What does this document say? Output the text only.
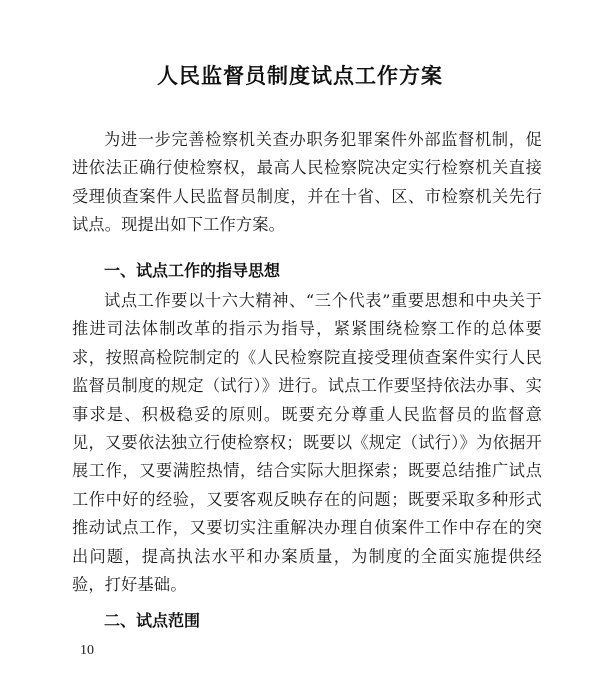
人民监督员制度试点工作方案

为进一步完善检察机关查办职务犯罪案件外部监督机制，促进依法正确行使检察权，最高人民检察院决定实行检察机关直接受理侦查案件人民监督员制度，并在十省、区、市检察机关先行试点。现提出如下工作方案。

一、试点工作的指导思想

试点工作要以十六大精神、“三个代表”重要思想和中央关于推进司法体制改革的指示为指导，紧紧围绕检察工作的总体要求，按照高检院制定的《人民检察院直接受理侦查案件实行人民监督员制度的规定（试行）》进行。试点工作要坚持依法办事、实事求是、积极稳妥的原则。既要充分尊重人民监督员的监督意见，又要依法独立行使检察权；既要以《规定（试行）》为依据开展工作，又要满腔热情，结合实际大胆探索；既要总结推广试点工作中好的经验，又要客观反映存在的问题；既要采取多种形式推动试点工作，又要切实注重解决办理自侦案件工作中存在的突出问题，提高执法水平和办案质量，为制度的全面实施提供经验，打好基础。

二、试点范围
10
